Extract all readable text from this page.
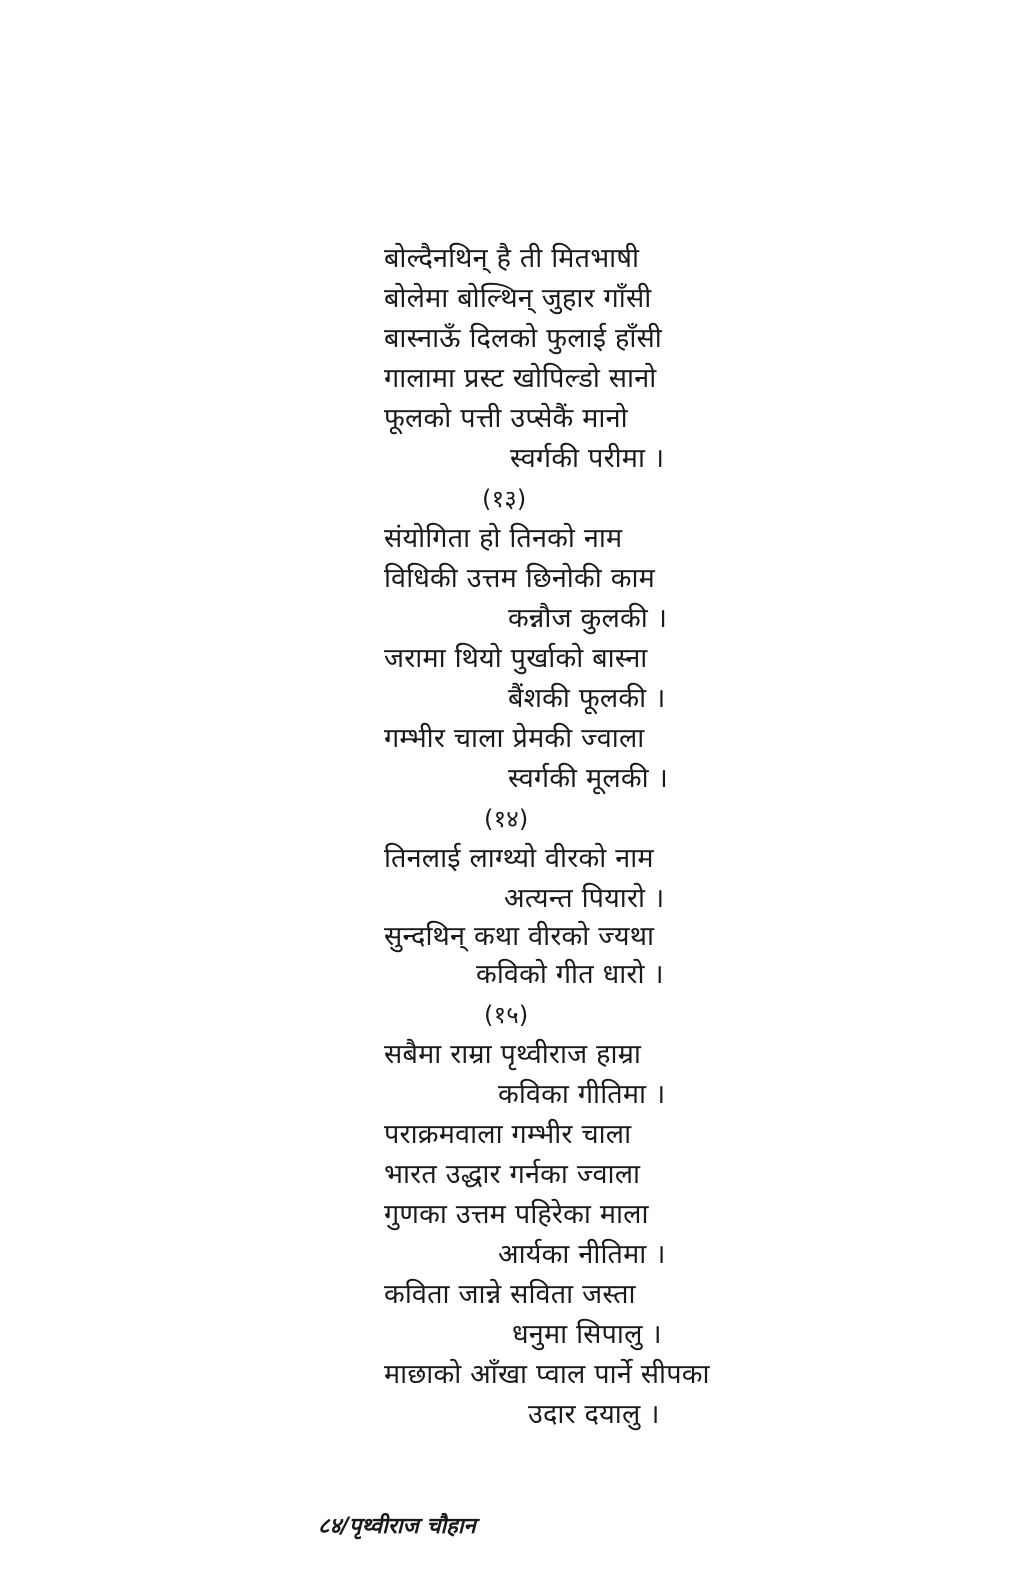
बोल्दैनथिन् है ती मितभाषी
बोलेमा बोल्थिन् जुहार गाँसी
बास्नाऊँ दिलको फुलाई हाँसी
गालामा प्रस्ट खोपिल्डो सानो
फूलको पत्ती उप्सेकैं मानो
स्वर्गकी परीमा ।
(१३)
संयोगिता हो तिनको नाम
विधिकी उत्तम छिनोकी काम
कन्नौज कुलकी ।
जरामा थियो पुर्खाको बास्ना
बैंशकी फूलकी ।
गम्भीर चाला प्रेमकी ज्वाला
स्वर्गकी मूलकी ।
(१४)
तिनलाई लाग्थ्यो वीरको नाम
अत्यन्त पियारो ।
सुन्दथिन् कथा वीरको ज्यथा
कविको गीत धारो ।
(१५)
सबैमा राम्रा पृथ्वीराज हाम्रा
कविका गीतिमा ।
पराक्रमवाला गम्भीर चाला
भारत उद्धार गर्नका ज्वाला
गुणका उत्तम पहिरेका माला
आर्यका नीतिमा ।
कविता जान्ने सविता जस्ता
धनुमा सिपालु ।
माछाको आँखा प्वाल पार्ने सीपका
उदार दयालु ।
८४/पृथ्वीराज चौहान
